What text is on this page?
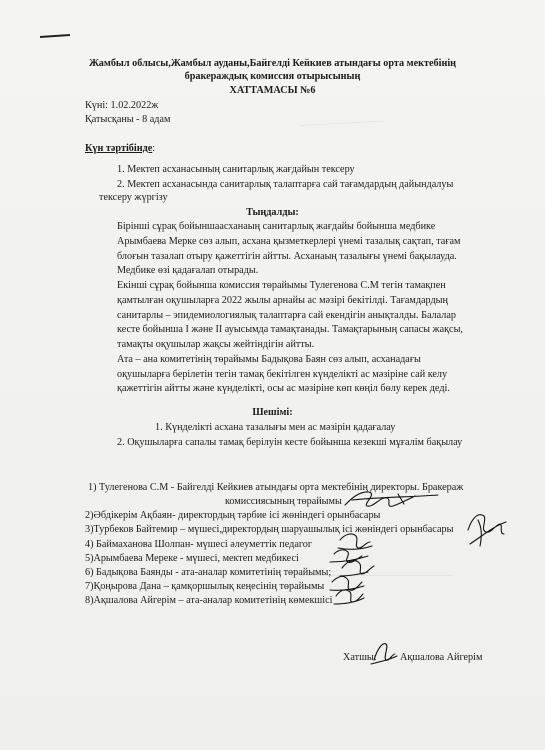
─────────────
────────────────────────
Жамбыл облысы,Жамбыл ауданы,Байгелді Кейкиев атындағы орта мектебінің
бракераждық комиссия отырысының
ХАТТАМАСЫ №6
Күні: 1.02.2022ж
Қатысқаны - 8 адам
Күн тәртібінде:
1. Мектеп асханасының санитарлық жағдайын тексеру
2. Мектеп асханасында санитарлық талаптарға сай тағамдардың дайындалуы
тексеру жүргізу
Тыңдалды:
Бірінші сұрақ бойыншаасханаың санитарлық жағдайы бойынша медбике
Арымбаева Мерке сөз алып, асхана қызметкерлері үнемі тазалық сақтап, тағам
блоғын тазалап отыру қажеттігін айтты. Асханаың тазалығы үнемі бақылауда.
Медбике өзі қадағалап отырады.
Екінші сұрақ бойынша комиссия төрайымы Тулегенова С.М тегін тамақпен
қамтылған оқушыларға 2022 жылы арнайы ас мәзірі бекітілді. Тағамдардың
санитарлы – эпидемиологиялық талаптарға сай екендігін анықталды. Балалар
кесте бойынша І және ІІ ауысымда тамақтанады. Тамақтарының сапасы жақсы,
тамақты оқушылар жақсы жейтіндігін айтты.
Ата – ана комитетінің төрайымы Бадықова Баян сөз алып, асханадағы
оқушыларға берілетін тегін тамақ бекітілген күнделікті ас мәзіріне сай келу
қажеттігін айтты және күнделікті, осы ас мәзіріне көп көңіл бөлу керек деді.
Шешімі:
1. Күнделікті асхана тазалығы мен ас мәзірін қадағалау
2. Оқушыларға сапалы тамақ берілуін кесте бойынша кезекші мұғалім бақылау
1) Тулегенова С.М - Байгелді Кейкиев атындағы орта мектебінің директоры. Бракераж
комиссиясының төрайымы
2)Әбдікерім Ақбаян- директордың тәрбие ісі жөніндегі орынбасары
3)Турбеков Байтемир – мүшесі,директордың шаруашылық ісі жөніндегі орынбасары
4) Баймаханова Шолпан- мүшесі әлеуметтік педагог
5)Арымбаева Мереке - мүшесі, мектеп медбикесі
6) Бадықова Баянды - ата-аналар комитетінің төрайымы;
7)Қоңырова Дана – қамқоршылық кеңесінің төрайымы
8)Ақшалова Айгерім – ата-аналар комитетінің көмекшісі
Хатшы: Ақшалова Айгерім
